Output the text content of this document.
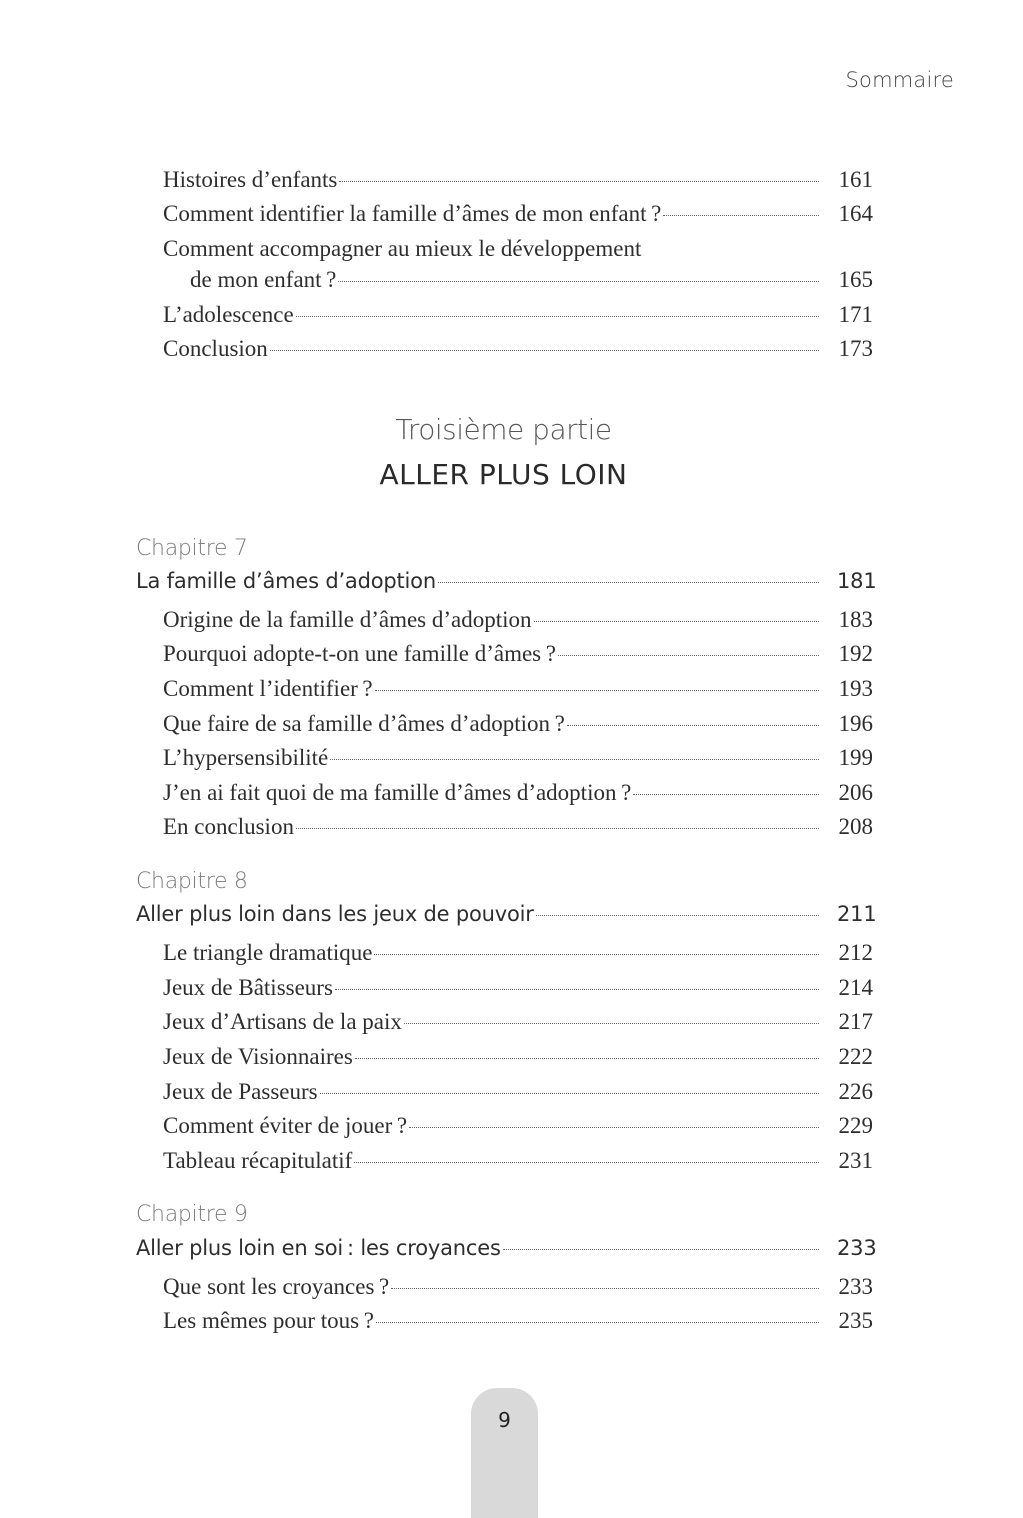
Sommaire
Histoires d’enfants	161
Comment identifier la famille d’âmes de mon enfant ?	164
Comment accompagner au mieux le développement
de mon enfant ?	165
L’adolescence	171
Conclusion	173
Troisième partie
ALLER PLUS LOIN
Chapitre 7
La famille d’âmes d’adoption	181
Origine de la famille d’âmes d’adoption	183
Pourquoi adopte-t-on une famille d’âmes ?	192
Comment l’identifier ?	193
Que faire de sa famille d’âmes d’adoption ?	196
L’hypersensibilité	199
J’en ai fait quoi de ma famille d’âmes d’adoption ?	206
En conclusion	208
Chapitre 8
Aller plus loin dans les jeux de pouvoir	211
Le triangle dramatique	212
Jeux de Bâtisseurs	214
Jeux d’Artisans de la paix	217
Jeux de Visionnaires	222
Jeux de Passeurs	226
Comment éviter de jouer ?	229
Tableau récapitulatif	231
Chapitre 9
Aller plus loin en soi : les croyances	233
Que sont les croyances ?	233
Les mêmes pour tous ?	235
9
